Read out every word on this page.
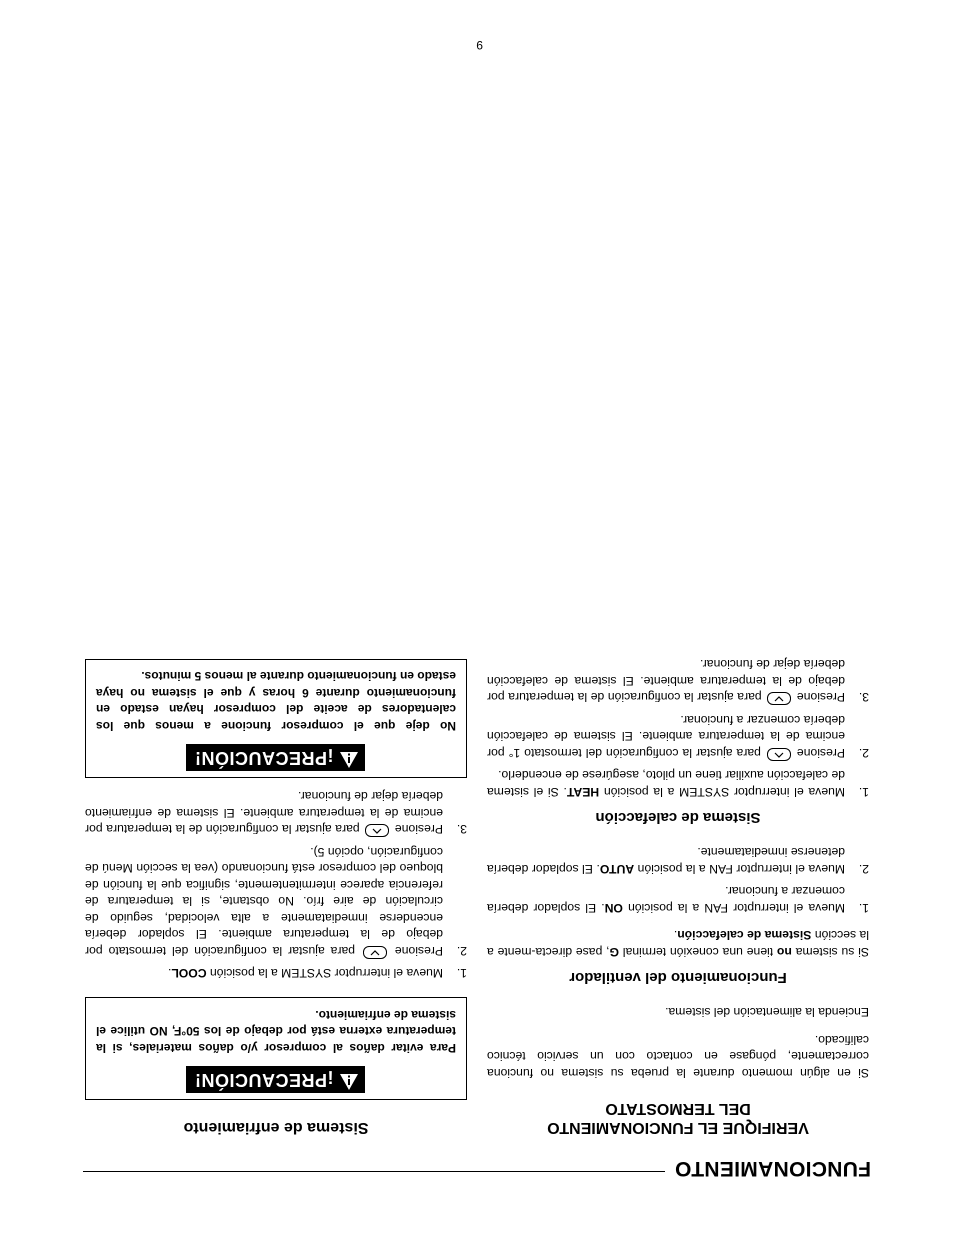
FUNCIONAMIENTO
VERIFIQUE EL FUNCIONAMIENTO
DEL TERMOSTATO

Si en algún momento durante la prueba su sistema no funciona correctamente, póngase en contacto con un servicio técnico calificado.

Encienda la alimentación del sistema.

Funcionamiento del ventilador

Si su sistema no tiene una conexión terminal G, pase directa-mente a la sección Sistema de calefacción.

1.
Mueva el interruptor FAN a la posición ON. El soplador debería comenzar a funcionar.
2.
Mueva el interruptor FAN a la posición AUTO. El soplador debería detenerse inmediatamente.
Sistema de calefacción
1.
Mueva el interruptor SYSTEM a la posición HEAT. Si el sistema de calefacción auxiliar tiene un piloto, asegúrese de encenderlo.
2.
Presione
para ajustar la configuración del termostato 1° por encima de la temperatura ambiente. El sistema de calefacción debería comenzar a funcionar.
3.
Presione
para ajustar la configuración de la temperatura por debajo de la temperatura ambiente. El sistema de calefacción debería dejar de funcionar.
Sistema de enfriamiento
¡PRECAUCIÓN!

Para evitar daños al compresor y/o daños materiales, si la temperatura externa está por debajo de los 50°F, NO utilice el sistema de enfriamiento.

1.
Mueva el interruptor SYSTEM a la posición COOL.
2.
Presione
para ajustar la configuración del termostato por debajo de la temperatura ambiente. El soplador debería encenderse inmediatamente a alta velocidad, seguido de circulación de aire frío. No obstante, si la temperatura de referencia aparece intermitentemente, significa que la función de bloqueo del compresor está funcionando (vea la sección Menú de configuración, opción 5).
3.
Presione
para ajustar la configuración de la temperatura por encima de la temperatura ambiente. El sistema de enfriamiento debería dejar de funcionar.
¡PRECAUCIÓN!

No deje que el compresor funcione a menos que los calentadores de aceite del compresor hayan estado en funcionamiento durante 6 horas y que el sistema no haya estado en funcionamiento durante al menos 5 minutos.

9
